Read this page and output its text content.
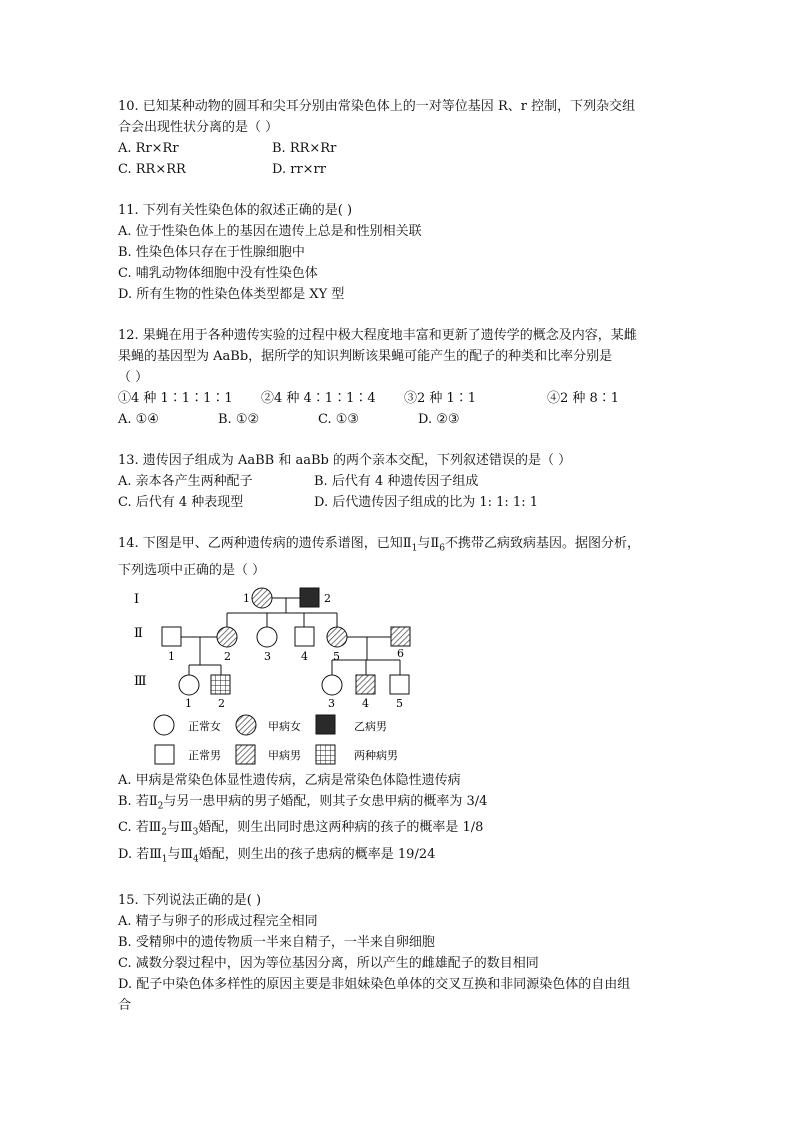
10. 已知某种动物的圆耳和尖耳分别由常染色体上的一对等位基因 R、r 控制，下列杂交组
合会出现性状分离的是（ ）
A. Rr×Rr	B. RR×Rr
C. RR×RR	D. rr×rr
11. 下列有关性染色体的叙述正确的是( )
A. 位于性染色体上的基因在遗传上总是和性别相关联
B. 性染色体只存在于性腺细胞中
C. 哺乳动物体细胞中没有性染色体
D. 所有生物的性染色体类型都是 XY 型
12. 果蝇在用于各种遗传实验的过程中极大程度地丰富和更新了遗传学的概念及内容，某雌
果蝇的基因型为 AaBb，据所学的知识判断该果蝇可能产生的配子的种类和比率分别是
（ ）
①4 种 1∶1∶1∶1	②4 种 4∶1∶1∶4	③2 种 1∶1	④2 种 8∶1
A. ①④	B. ①②	C. ①③	D. ②③
13. 遗传因子组成为 AaBB 和 aaBb 的两个亲本交配，下列叙述错误的是（ ）
A. 亲本各产生两种配子	B. 后代有 4 种遗传因子组成
C. 后代有 4 种表现型	D. 后代遗传因子组成的比为 1: 1: 1: 1
14. 下图是甲、乙两种遗传病的遗传系谱图，已知$Ⅱ_1$与$Ⅱ_6$不携带乙病致病基因。据图分析，
下列选项中正确的是（ ）
Ⅰ
Ⅱ
Ⅲ
1	2
1	2	3	4 5	6
1 2	3 4 5
正常女	甲病女	乙病男
正常男	甲病男	两种病男
A. 甲病是常染色体显性遗传病，乙病是常染色体隐性遗传病
B. 若$Ⅱ_2$与另一患甲病的男子婚配，则其子女患甲病的概率为 3/4
C. 若$Ⅲ_2$与$Ⅲ_3$婚配，则生出同时患这两种病的孩子的概率是 1/8
D. 若$Ⅲ_1$与$Ⅲ_4$婚配，则生出的孩子患病的概率是 19/24
15. 下列说法正确的是( )
A. 精子与卵子的形成过程完全相同
B. 受精卵中的遗传物质一半来自精子，一半来自卵细胞
C. 减数分裂过程中，因为等位基因分离，所以产生的雌雄配子的数目相同
D. 配子中染色体多样性的原因主要是非姐妹染色单体的交叉互换和非同源染色体的自由组
合
